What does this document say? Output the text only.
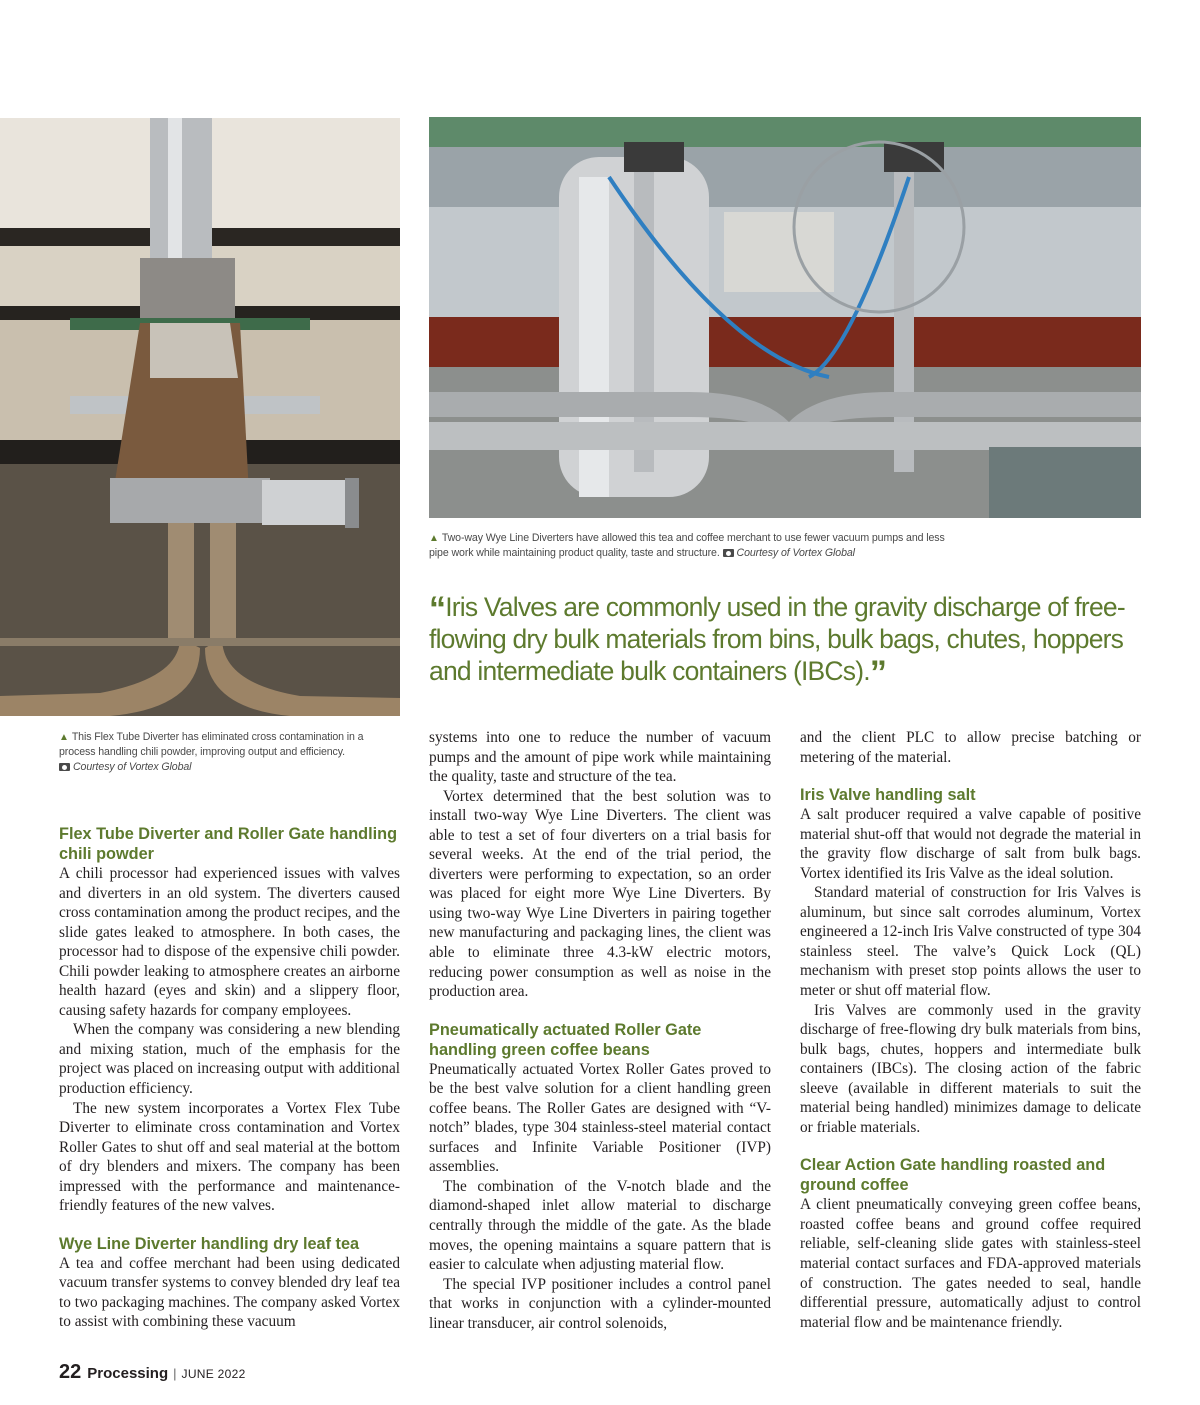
▲ Two-way Wye Line Diverters have allowed this tea and coffee merchant to use fewer vacuum pumps and less pipe work while maintaining product quality, taste and structure. Courtesy of Vortex Global
▲ This Flex Tube Diverter has eliminated cross contamination in a process handling chili powder, improving output and efficiency.
Courtesy of Vortex Global
“Iris Valves are commonly used in the gravity discharge of free-flowing dry bulk materials from bins, bulk bags, chutes, hoppers and intermediate bulk containers (IBCs).”
Flex Tube Diverter and Roller Gate handling chili powder

A chili processor had experienced issues with valves and diverters in an old system. The diverters caused cross contamination among the product recipes, and the slide gates leaked to atmosphere. In both cases, the processor had to dispose of the expensive chili powder. Chili powder leaking to atmosphere creates an airborne health hazard (eyes and skin) and a slippery floor, causing safety hazards for company employees.

When the company was considering a new blending and mixing station, much of the emphasis for the project was placed on increasing output with additional production efficiency.

The new system incorporates a Vortex Flex Tube Diverter to eliminate cross contamination and Vortex Roller Gates to shut off and seal material at the bottom of dry blenders and mixers. The company has been impressed with the performance and maintenance-friendly features of the new valves.

Wye Line Diverter handling dry leaf tea

A tea and coffee merchant had been using dedicated vacuum transfer systems to convey blended dry leaf tea to two packaging machines. The company asked Vortex to assist with combining these vacuum

systems into one to reduce the number of vacuum pumps and the amount of pipe work while maintaining the quality, taste and structure of the tea.

Vortex determined that the best solution was to install two-way Wye Line Diverters. The client was able to test a set of four diverters on a trial basis for several weeks. At the end of the trial period, the diverters were performing to expectation, so an order was placed for eight more Wye Line Diverters. By using two-way Wye Line Diverters in pairing together new manufacturing and packaging lines, the client was able to eliminate three 4.3-kW electric motors, reducing power consumption as well as noise in the production area.

Pneumatically actuated Roller Gate handling green coffee beans

Pneumatically actuated Vortex Roller Gates proved to be the best valve solution for a client handling green coffee beans. The Roller Gates are designed with “V-notch” blades, type 304 stainless-steel material contact surfaces and Infinite Variable Positioner (IVP) assemblies.

The combination of the V-notch blade and the diamond-shaped inlet allow material to discharge centrally through the middle of the gate. As the blade moves, the opening maintains a square pattern that is easier to calculate when adjusting material flow.

The special IVP positioner includes a control panel that works in conjunction with a cylinder-mounted linear transducer, air control solenoids,

and the client PLC to allow precise batching or metering of the material.

Iris Valve handling salt

A salt producer required a valve capable of positive material shut-off that would not degrade the material in the gravity flow discharge of salt from bulk bags. Vortex identified its Iris Valve as the ideal solution.

Standard material of construction for Iris Valves is aluminum, but since salt corrodes aluminum, Vortex engineered a 12-inch Iris Valve constructed of type 304 stainless steel. The valve’s Quick Lock (QL) mechanism with preset stop points allows the user to meter or shut off material flow.

Iris Valves are commonly used in the gravity discharge of free-flowing dry bulk materials from bins, bulk bags, chutes, hoppers and intermediate bulk containers (IBCs). The closing action of the fabric sleeve (available in different materials to suit the material being handled) minimizes damage to delicate or friable materials.

Clear Action Gate handling roasted and ground coffee

A client pneumatically conveying green coffee beans, roasted coffee beans and ground coffee required reliable, self-cleaning slide gates with stainless-steel material contact surfaces and FDA-approved materials of construction. The gates needed to seal, handle differential pressure, automatically adjust to control material flow and be maintenance friendly.

22 Processing | JUNE 2022
